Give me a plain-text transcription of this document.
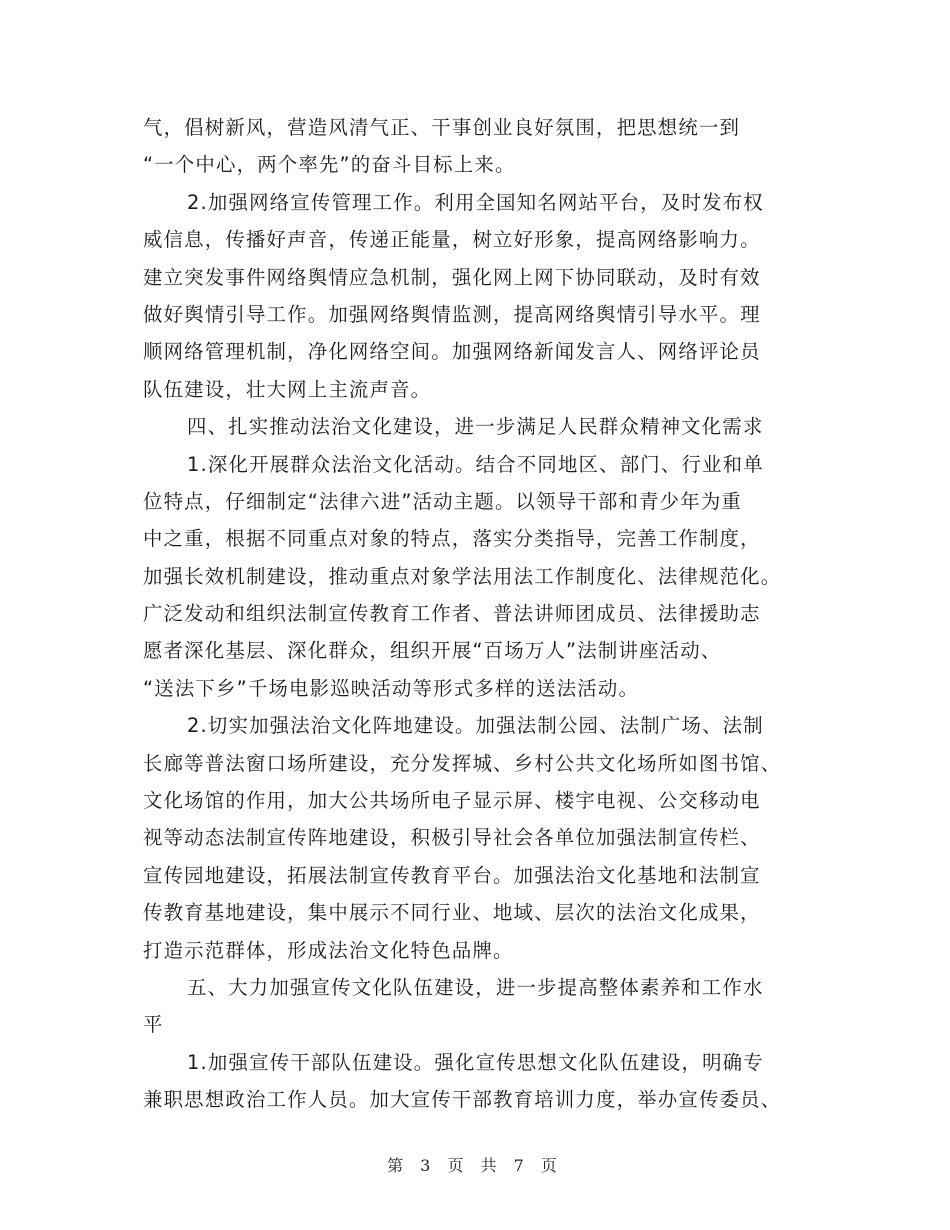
气，倡树新风，营造风清气正、干事创业良好氛围，把思想统一到
“一个中心，两个率先”的奋斗目标上来。
2.加强网络宣传管理工作。利用全国知名网站平台，及时发布权
威信息，传播好声音，传递正能量，树立好形象，提高网络影响力。
建立突发事件网络舆情应急机制，强化网上网下协同联动，及时有效
做好舆情引导工作。加强网络舆情监测，提高网络舆情引导水平。理
顺网络管理机制，净化网络空间。加强网络新闻发言人、网络评论员
队伍建设，壮大网上主流声音。
四、扎实推动法治文化建设，进一步满足人民群众精神文化需求
1.深化开展群众法治文化活动。结合不同地区、部门、行业和单
位特点，仔细制定“法律六进”活动主题。以领导干部和青少年为重
中之重，根据不同重点对象的特点，落实分类指导，完善工作制度，
加强长效机制建设，推动重点对象学法用法工作制度化、法律规范化。
广泛发动和组织法制宣传教育工作者、普法讲师团成员、法律援助志
愿者深化基层、深化群众，组织开展“百场万人”法制讲座活动、
“送法下乡”千场电影巡映活动等形式多样的送法活动。
2.切实加强法治文化阵地建设。加强法制公园、法制广场、法制
长廊等普法窗口场所建设，充分发挥城、乡村公共文化场所如图书馆、
文化场馆的作用，加大公共场所电子显示屏、楼宇电视、公交移动电
视等动态法制宣传阵地建设，积极引导社会各单位加强法制宣传栏、
宣传园地建设，拓展法制宣传教育平台。加强法治文化基地和法制宣
传教育基地建设，集中展示不同行业、地域、层次的法治文化成果，
打造示范群体，形成法治文化特色品牌。
五、大力加强宣传文化队伍建设，进一步提高整体素养和工作水
平
1.加强宣传干部队伍建设。强化宣传思想文化队伍建设，明确专
兼职思想政治工作人员。加大宣传干部教育培训力度，举办宣传委员、
第 3 页 共 7 页
